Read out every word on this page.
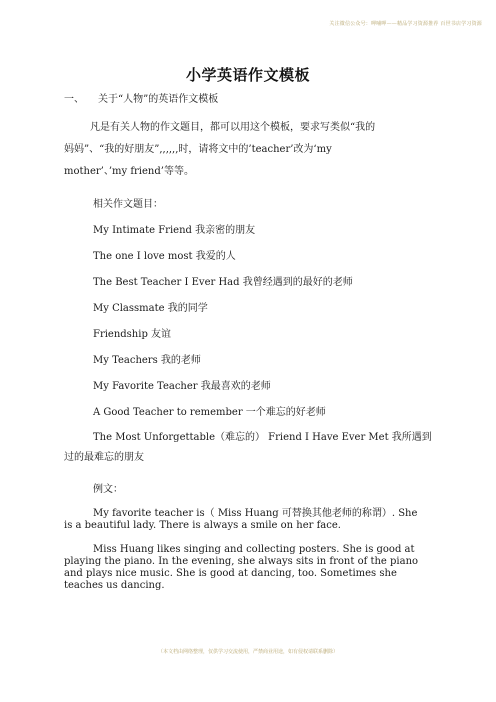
关注微信公众号：呷哺呷——精品学习资源推荐 百世书店学习资源
小学英语作文模板
一、 关于“人物”的英语作文模板
凡是有关人物的作文题目，都可以用这个模板，要求写类似“我的

妈妈”、“我的好朋友”,,,,,,时，请将文中的’teacher’改为‘my
mother’、’my friend’等等。
相关作文题目：
My Intimate Friend 我亲密的朋友
The one I love most 我爱的人
The Best Teacher I Ever Had 我曾经遇到的最好的老师
My Classmate 我的同学
Friendship 友谊
My Teachers 我的老师
My Favorite Teacher 我最喜欢的老师
A Good Teacher to remember 一个难忘的好老师
The Most Unforgettable（难忘的） Friend I Have Ever Met 我所遇到过的最难忘的朋友
例文：
My favorite teacher is（ Miss Huang 可替换其他老师的称谓）. She is a beautiful lady. There is always a smile on her face.
Miss Huang likes singing and collecting posters. She is good at playing the piano. In the evening, she always sits in front of the piano and plays nice music. She is good at dancing, too. Sometimes she teaches us dancing.
（本文档由网络整理，仅供学习交流使用，严禁商业用途，如有侵权请联系删除）
